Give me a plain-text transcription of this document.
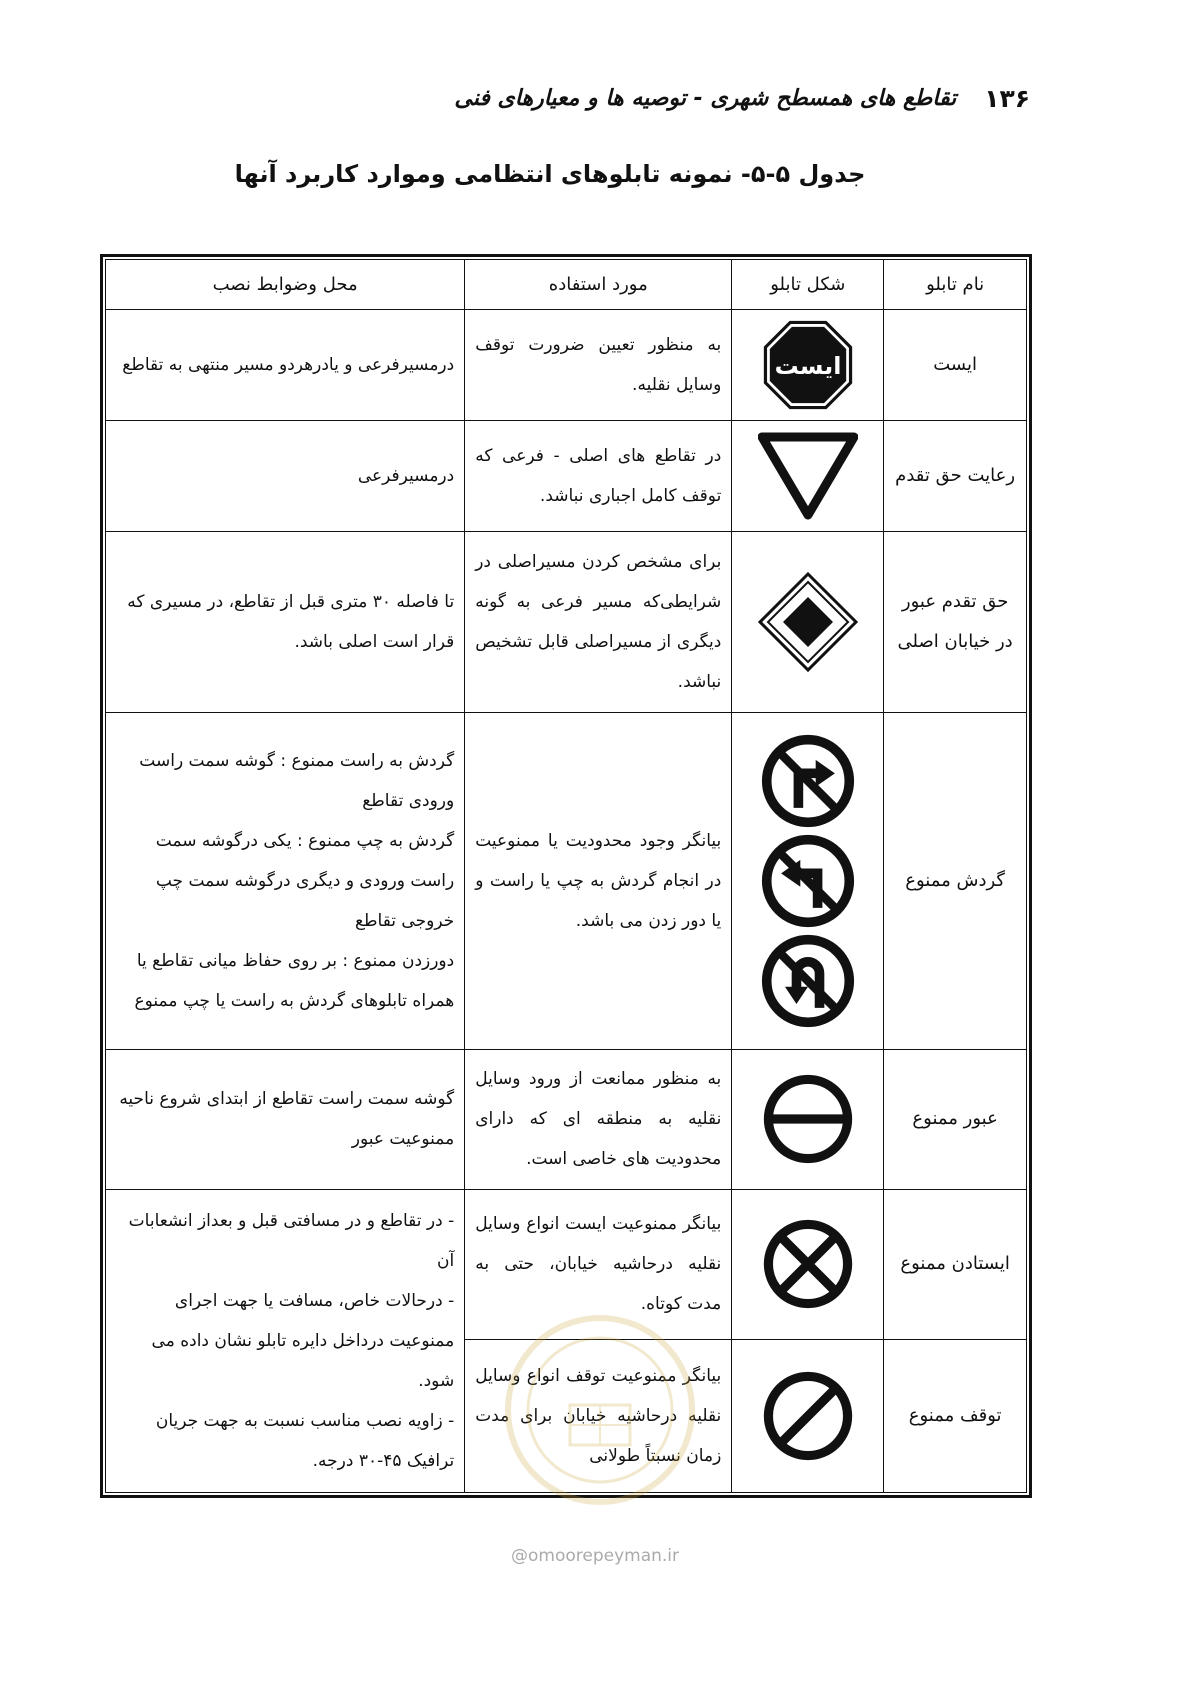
۱۳۶
تقاطع های همسطح شهری - توصیه ها و معیارهای فنی
جدول ۵-۵- نمونه تابلوهای انتظامی وموارد کاربرد آنها
نام تابلو	شکل تابلو	مورد استفاده	محل وضوابط نصب
ایست	ایست	به منظور تعیین ضرورت توقف وسایل نقلیه.	درمسیرفرعی و یادرهردو مسیر منتهی به تقاطع
رعایت حق تقدم		در تقاطع های اصلی - فرعی که توقف کامل اجباری نباشد.	درمسیرفرعی
حق تقدم عبور در خیابان اصلی		برای مشخص کردن مسیراصلی در شرایطی‌که مسیر فرعی به گونه دیگری از مسیراصلی قابل تشخیص نباشد.	تا فاصله ۳۰ متری قبل از تقاطع، در مسیری که قرار است اصلی باشد.
گردش ممنوع		بیانگر وجود محدودیت یا ممنوعیت در انجام گردش به چپ یا راست و یا دور زدن می باشد.	گردش به راست ممنوع : گوشه سمت راست ورودی تقاطع

گردش به چپ ممنوع : یکی درگوشه سمت راست ورودی و دیگری درگوشه سمت چپ خروجی تقاطع

دورزدن ممنوع : بر روی حفاظ میانی تقاطع یا همراه تابلوهای گردش به راست یا چپ ممنوع

عبور ممنوع		به منظور ممانعت از ورود وسایل نقلیه به منطقه ای که دارای محدودیت های خاصی است.	گوشه سمت راست تقاطع از ابتدای شروع ناحیه ممنوعیت عبور
ایستادن ممنوع		بیانگر ممنوعیت ایست انواع وسایل نقلیه درحاشیه خیابان، حتی به مدت کوتاه.	- در تقاطع و در مسافتی قبل و بعداز انشعابات آن

- درحالات خاص، مسافت یا جهت اجرای ممنوعیت درداخل دایره تابلو نشان داده می شود.

- زاویه نصب مناسب نسبت به جهت جریان ترافیک ۴۵-۳۰ درجه.

توقف ممنوع		بیانگر ممنوعیت توقف انواع وسایل نقلیه درحاشیه خیابان برای مدت زمان نسبتاً طولانی	
@omoorepeyman.ir
